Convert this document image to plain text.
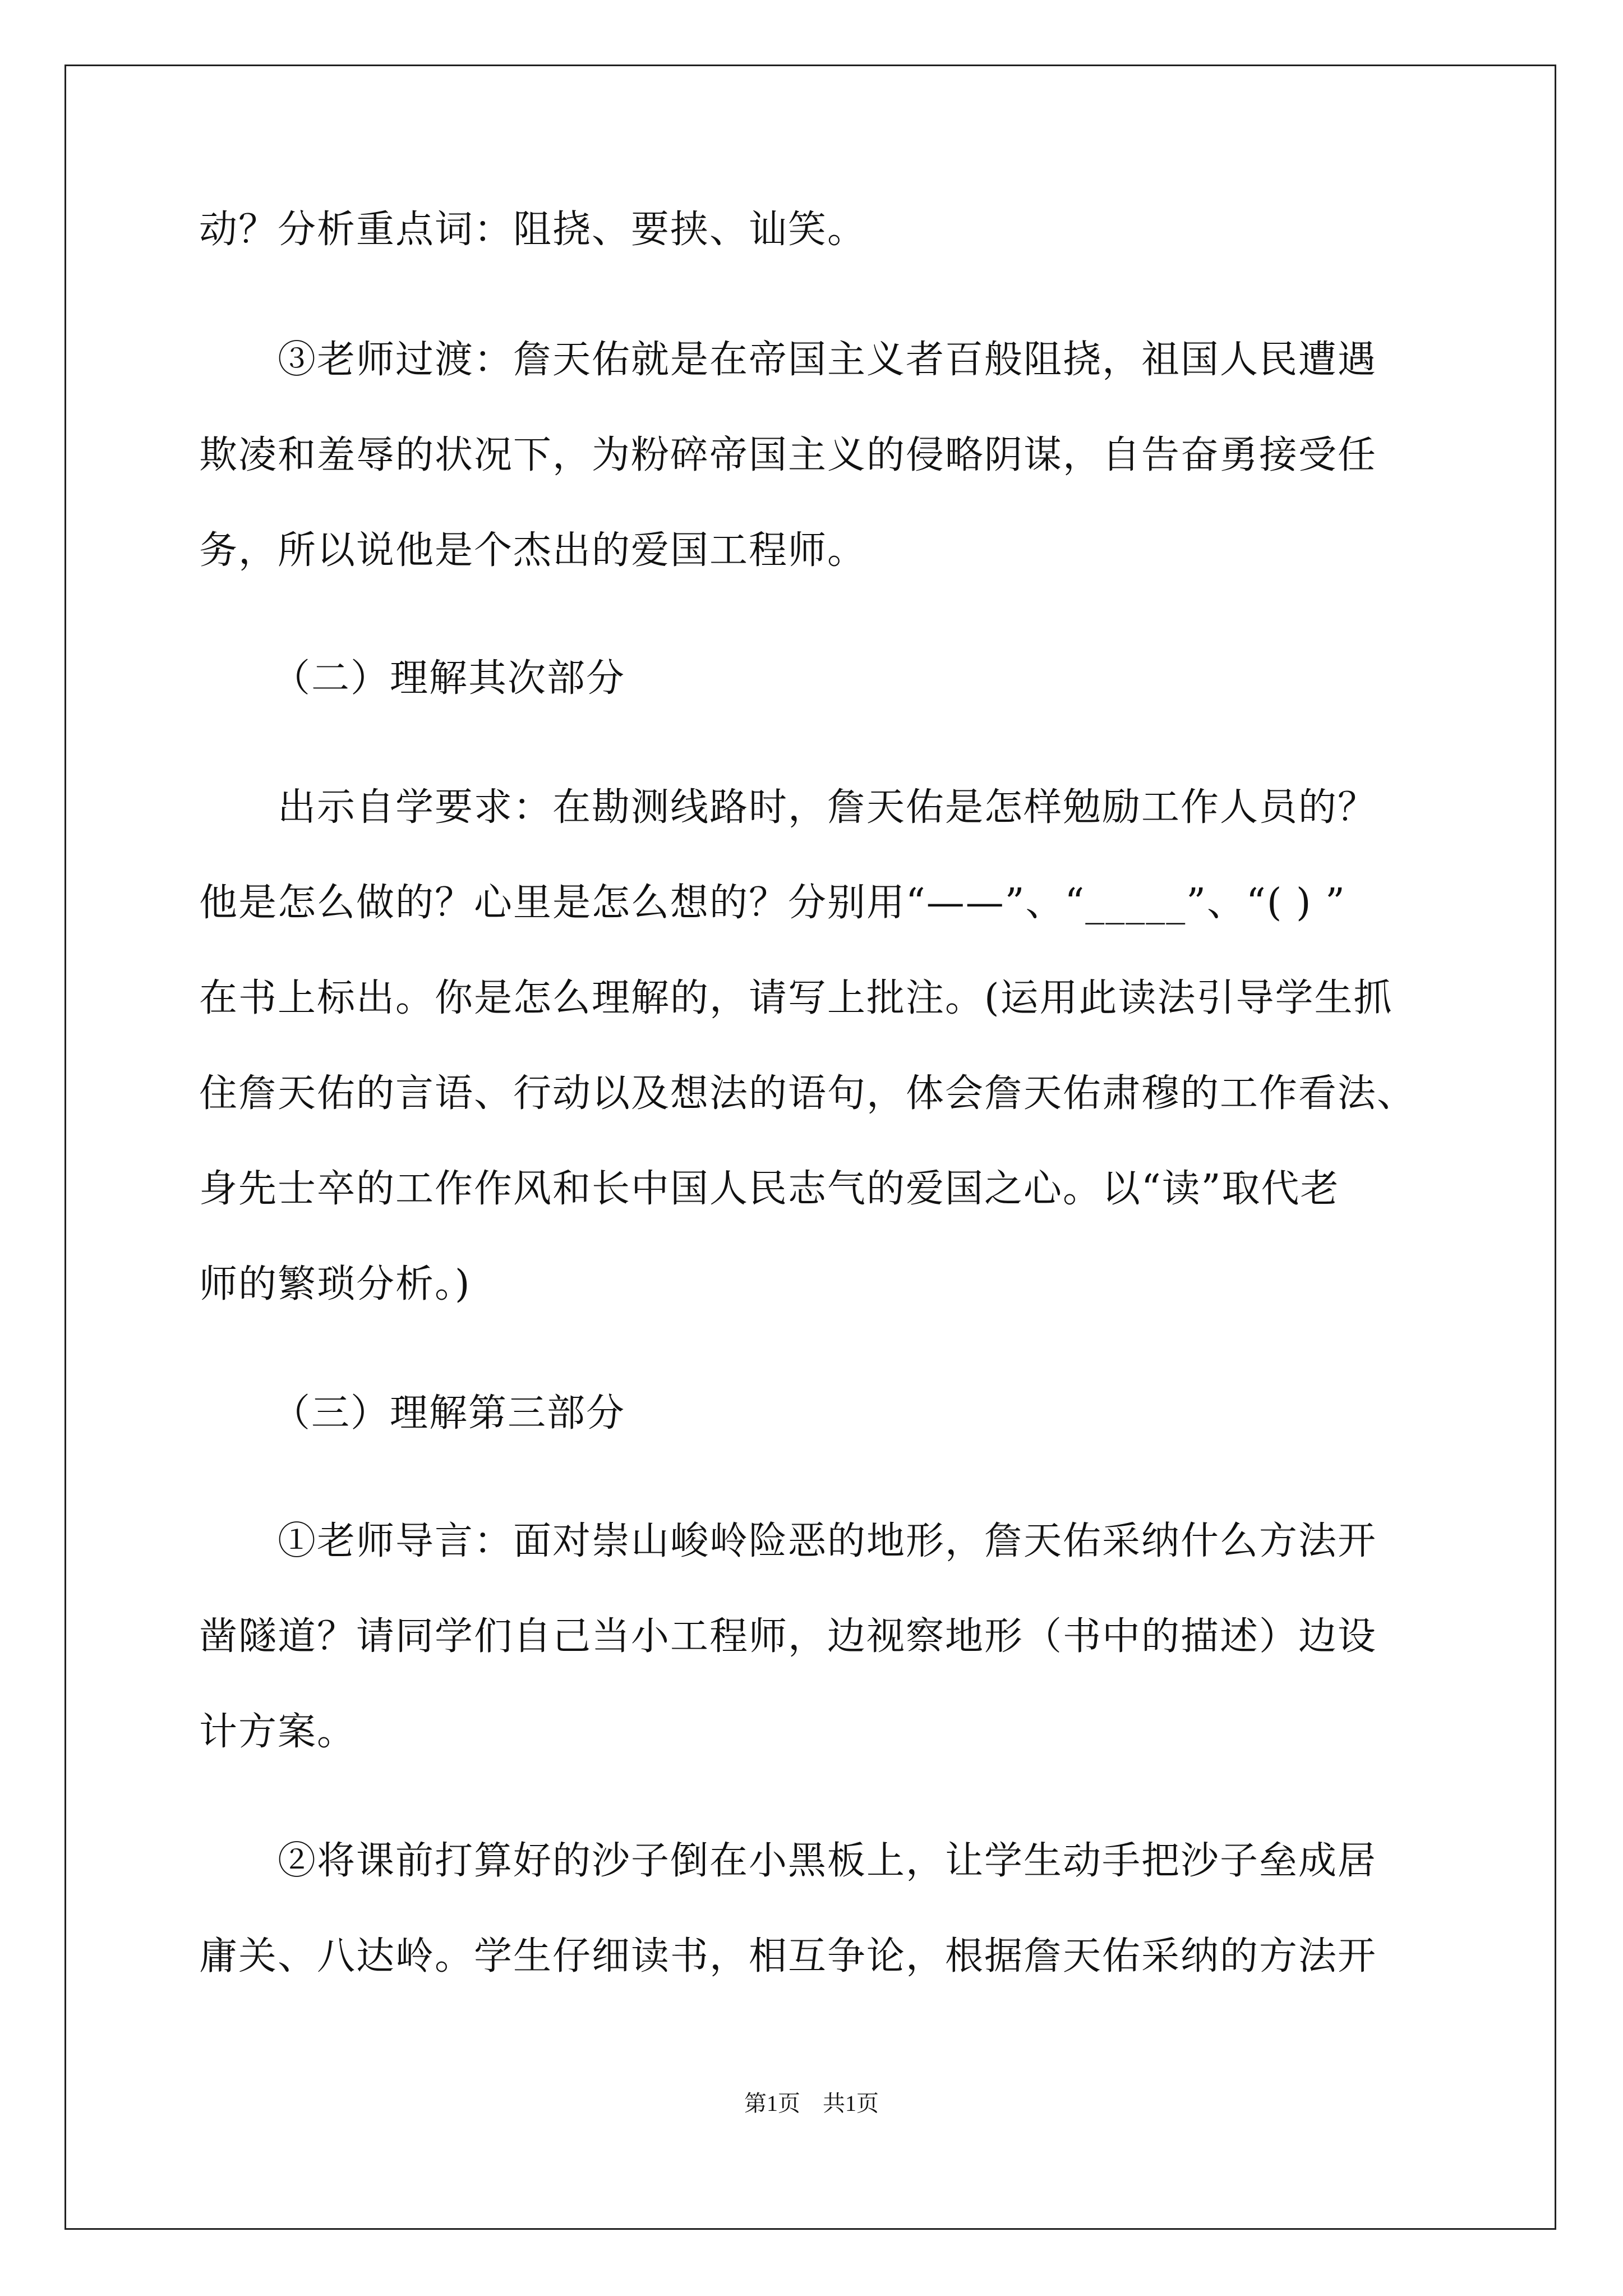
动？分析重点词：阻挠、要挟、讪笑。
③老师过渡：詹天佑就是在帝国主义者百般阻挠，祖国人民遭遇
欺凌和羞辱的状况下，为粉碎帝国主义的侵略阴谋，自告奋勇接受任
务，所以说他是个杰出的爱国工程师。
（二）理解其次部分
出示自学要求：在勘测线路时，詹天佑是怎样勉励工作人员的？
他是怎么做的？心里是怎么想的？分别用“——”、“_____”、“( ) ”
在书上标出。你是怎么理解的，请写上批注。(运用此读法引导学生抓
住詹天佑的言语、行动以及想法的语句，体会詹天佑肃穆的工作看法、
身先士卒的工作作风和长中国人民志气的爱国之心。以“读”取代老
师的繁琐分析。)
（三）理解第三部分
①老师导言：面对崇山峻岭险恶的地形，詹天佑采纳什么方法开
凿隧道？请同学们自己当小工程师，边视察地形（书中的描述）边设
计方案。
②将课前打算好的沙子倒在小黑板上，让学生动手把沙子垒成居
庸关、八达岭。学生仔细读书，相互争论，根据詹天佑采纳的方法开
第1页　共1页
